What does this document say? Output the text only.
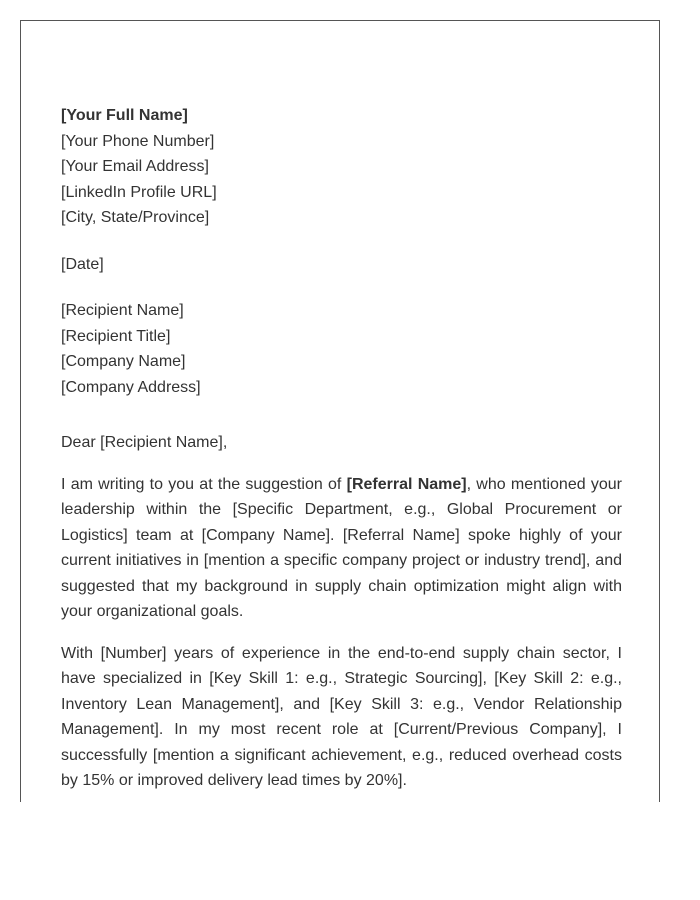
[Your Full Name]

[Your Phone Number]

[Your Email Address]

[LinkedIn Profile URL]

[City, State/Province]

[Date]

[Recipient Name]

[Recipient Title]

[Company Name]

[Company Address]

Dear [Recipient Name],

I am writing to you at the suggestion of [Referral Name], who mentioned your leadership within the [Specific Department, e.g., Global Procurement or Logistics] team at [Company Name]. [Referral Name] spoke highly of your current initiatives in [mention a specific company project or industry trend], and suggested that my background in supply chain optimization might align with your organizational goals.

With [Number] years of experience in the end-to-end supply chain sector, I have specialized in [Key Skill 1: e.g., Strategic Sourcing], [Key Skill 2: e.g., Inventory Lean Management], and [Key Skill 3: e.g., Vendor Relationship Management]. In my most recent role at [Current/Previous Company], I successfully [mention a significant achievement, e.g., reduced overhead costs by 15% or improved delivery lead times by 20%].
